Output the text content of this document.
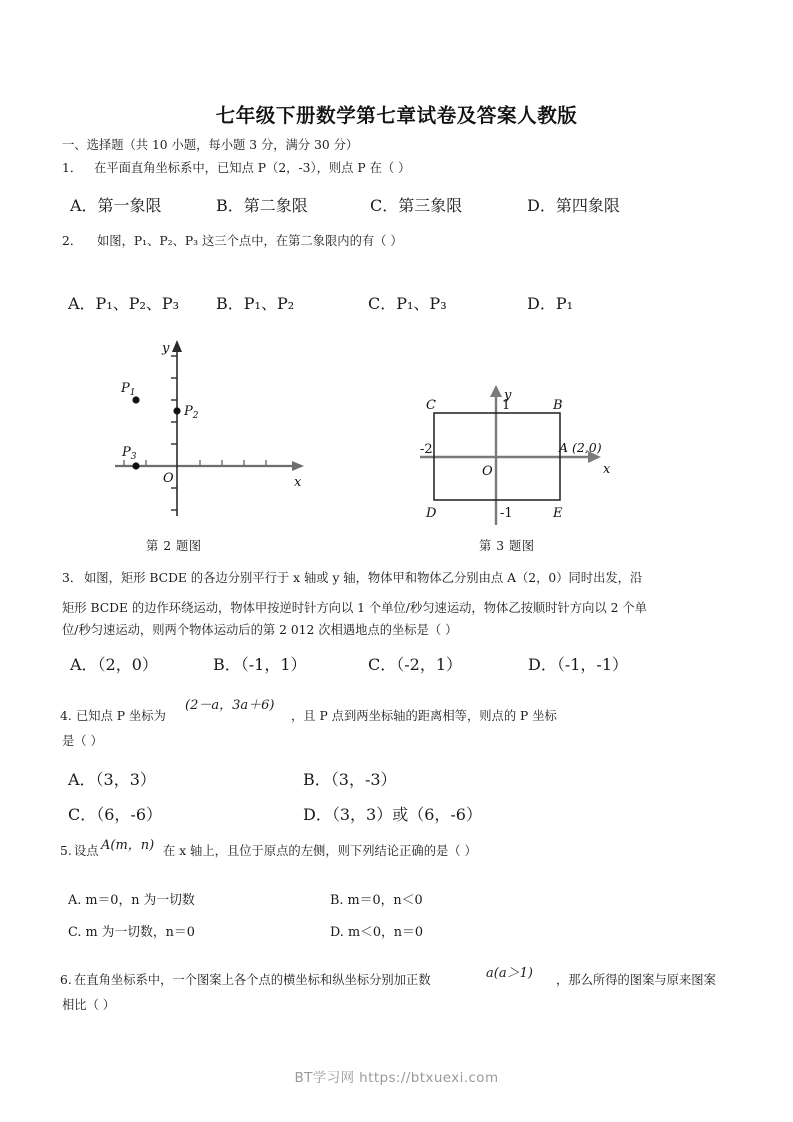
七年级下册数学第七章试卷及答案人教版
一、选择题（共 10 小题，每小题 3 分，满分 30 分）
1． 在平面直角坐标系中，已知点 P（2，-3），则点 P 在（ ）
A．第一象限	B．第二象限	C．第三象限	D．第四象限
2． 如图，P₁、P₂、P₃ 这三个点中，在第二象限内的有（ ）
A．P₁、P₂、P₃ B．P₁、P₂	C．P₁、P₃	D．P₁
$P_1$
$P_2$
$P_3$
O	x
y
第 2 题图
C	B
D	E
1
-1
-2
O	x
y
A (2,0)
第 3 题图
3． 如图，矩形 BCDE 的各边分别平行于 x 轴或 y 轴，物体甲和物体乙分别由点 A（2，0）同时出发，沿
矩形 BCDE 的边作环绕运动，物体甲按逆时针方向以 1 个单位/秒匀速运动，物体乙按顺时针方向以 2 个单
位/秒匀速运动，则两个物体运动后的第 2 012 次相遇地点的坐标是（ ）
A．（2，0）	B．（-1，1）	C．（-2，1）	D．（-1，-1）
4. 已知点 P 坐标为
(2－a，3a＋6)
，且 P 点到两坐标轴的距离相等，则点的 P 坐标
是（ ）
A．（3，3）	B．（3，-3）
C．（6，-6）	D．（3，3）或（6，-6）
5. 设点 A(m，n) 在 x 轴上，且位于原点的左侧，则下列结论正确的是（ ）
A. m＝0，n 为一切数	B. m＝0，n＜0
C. m 为一切数，n＝0	D. m＜0，n＝0
6. 在直角坐标系中，一个图案上各个点的横坐标和纵坐标分别加正数	a(a＞1) ，那么所得的图案与原来图案
相比（ ）
BT学习网 https://btxuexi.com
